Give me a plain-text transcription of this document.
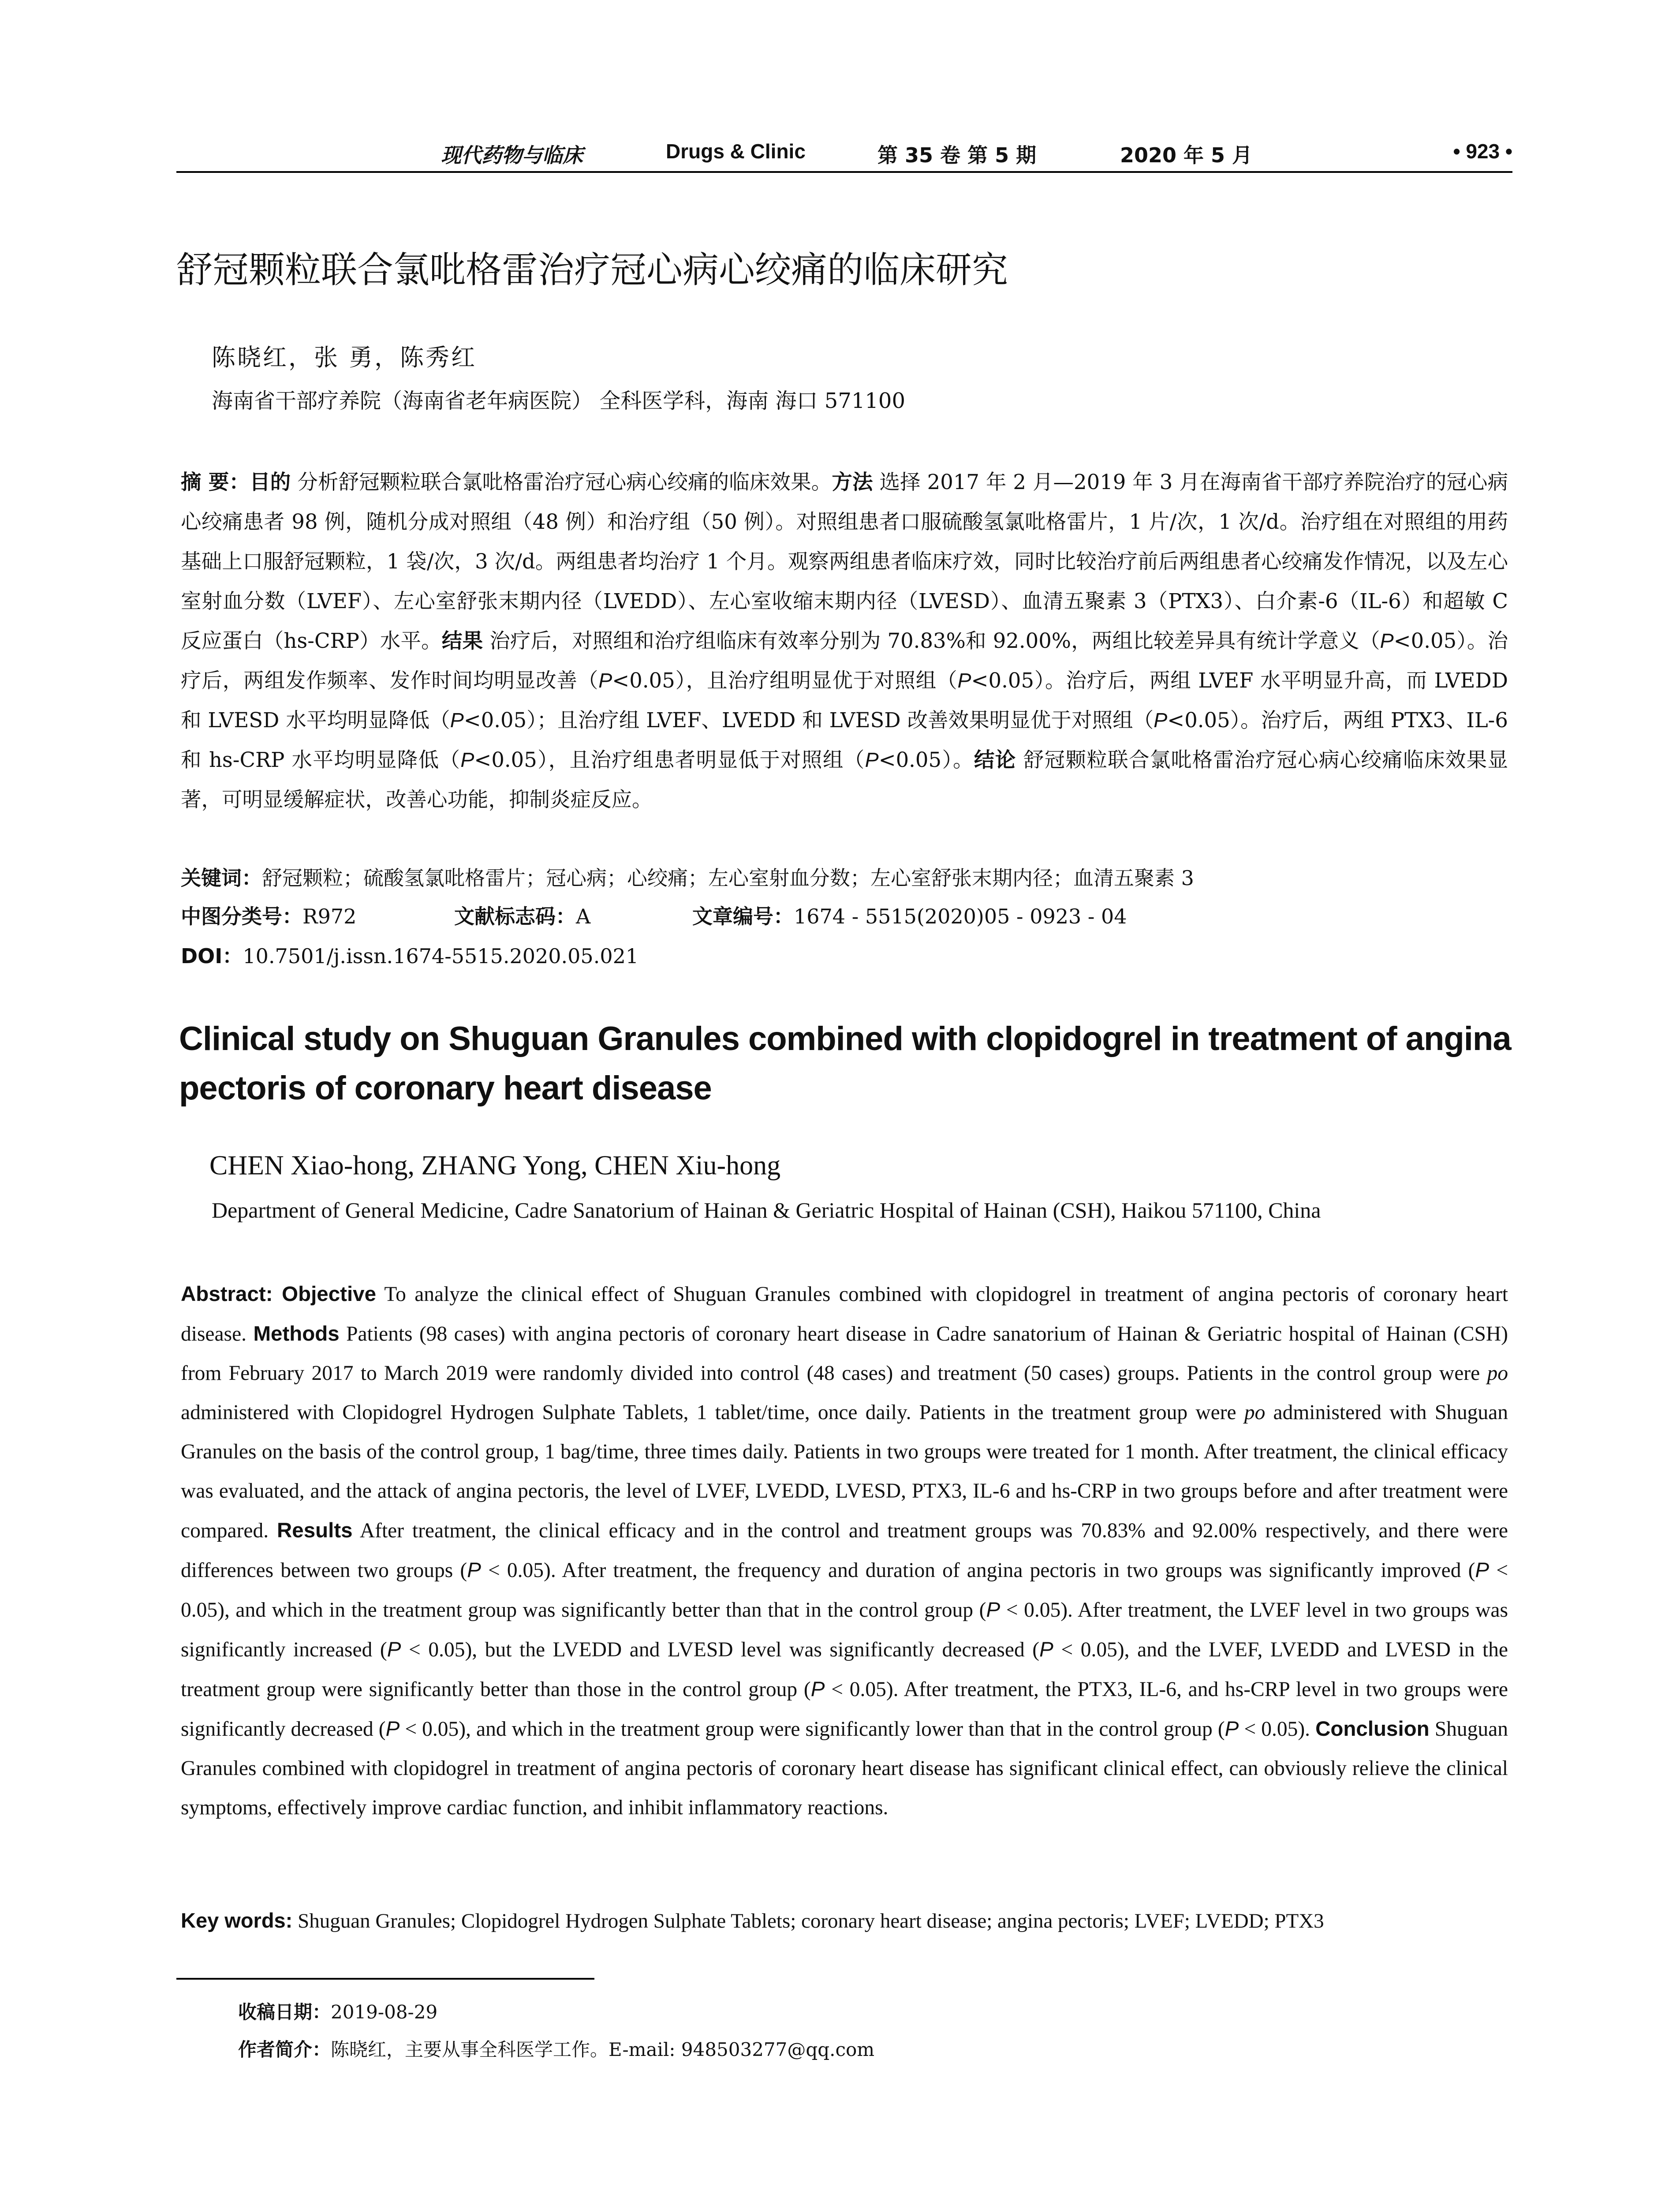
现代药物与临床	Drugs & Clinic	第 35 卷 第 5 期	2020 年 5 月	• 923 •
舒冠颗粒联合氯吡格雷治疗冠心病心绞痛的临床研究
陈晓红，张 勇，陈秀红
海南省干部疗养院（海南省老年病医院） 全科医学科，海南 海口 571100
摘 要：目的 分析舒冠颗粒联合氯吡格雷治疗冠心病心绞痛的临床效果。方法 选择 2017 年 2 月—2019 年 3 月在海南省干部疗养院治疗的冠心病心绞痛患者 98 例，随机分成对照组（48 例）和治疗组（50 例）。对照组患者口服硫酸氢氯吡格雷片，1 片/次，1 次/d。治疗组在对照组的用药基础上口服舒冠颗粒，1 袋/次，3 次/d。两组患者均治疗 1 个月。观察两组患者临床疗效，同时比较治疗前后两组患者心绞痛发作情况，以及左心室射血分数（LVEF）、左心室舒张末期内径（LVEDD）、左心室收缩末期内径（LVESD）、血清五聚素 3（PTX3）、白介素-6（IL-6）和超敏 C 反应蛋白（hs-CRP）水平。结果 治疗后，对照组和治疗组临床有效率分别为 70.83%和 92.00%，两组比较差异具有统计学意义（P<0.05）。治疗后，两组发作频率、发作时间均明显改善（P<0.05），且治疗组明显优于对照组（P<0.05）。治疗后，两组 LVEF 水平明显升高，而 LVEDD 和 LVESD 水平均明显降低（P<0.05）；且治疗组 LVEF、LVEDD 和 LVESD 改善效果明显优于对照组（P<0.05）。治疗后，两组 PTX3、IL-6 和 hs-CRP 水平均明显降低（P<0.05），且治疗组患者明显低于对照组（P<0.05）。结论 舒冠颗粒联合氯吡格雷治疗冠心病心绞痛临床效果显著，可明显缓解症状，改善心功能，抑制炎症反应。
关键词：舒冠颗粒；硫酸氢氯吡格雷片；冠心病；心绞痛；左心室射血分数；左心室舒张末期内径；血清五聚素 3
中图分类号：R972	文献标志码：A	文章编号：1674 - 5515(2020)05 - 0923 - 04
DOI：10.7501/j.issn.1674-5515.2020.05.021
Clinical study on Shuguan Granules combined with clopidogrel in treatment of angina pectoris of coronary heart disease
CHEN Xiao-hong, ZHANG Yong, CHEN Xiu-hong
Department of General Medicine, Cadre Sanatorium of Hainan & Geriatric Hospital of Hainan (CSH), Haikou 571100, China
Abstract: Objective To analyze the clinical effect of Shuguan Granules combined with clopidogrel in treatment of angina pectoris of coronary heart disease. Methods Patients (98 cases) with angina pectoris of coronary heart disease in Cadre sanatorium of Hainan & Geriatric hospital of Hainan (CSH) from February 2017 to March 2019 were randomly divided into control (48 cases) and treatment (50 cases) groups. Patients in the control group were po administered with Clopidogrel Hydrogen Sulphate Tablets, 1 tablet/time, once daily. Patients in the treatment group were po administered with Shuguan Granules on the basis of the control group, 1 bag/time, three times daily. Patients in two groups were treated for 1 month. After treatment, the clinical efficacy was evaluated, and the attack of angina pectoris, the level of LVEF, LVEDD, LVESD, PTX3, IL-6 and hs-CRP in two groups before and after treatment were compared. Results After treatment, the clinical efficacy and in the control and treatment groups was 70.83% and 92.00% respectively, and there were differences between two groups (P < 0.05). After treatment, the frequency and duration of angina pectoris in two groups was significantly improved (P < 0.05), and which in the treatment group was significantly better than that in the control group (P < 0.05). After treatment, the LVEF level in two groups was significantly increased (P < 0.05), but the LVEDD and LVESD level was significantly decreased (P < 0.05), and the LVEF, LVEDD and LVESD in the treatment group were significantly better than those in the control group (P < 0.05). After treatment, the PTX3, IL-6, and hs-CRP level in two groups were significantly decreased (P < 0.05), and which in the treatment group were significantly lower than that in the control group (P < 0.05). Conclusion Shuguan Granules combined with clopidogrel in treatment of angina pectoris of coronary heart disease has significant clinical effect, can obviously relieve the clinical symptoms, effectively improve cardiac function, and inhibit inflammatory reactions.
Key words: Shuguan Granules; Clopidogrel Hydrogen Sulphate Tablets; coronary heart disease; angina pectoris; LVEF; LVEDD; PTX3
收稿日期：2019-08-29
作者简介：陈晓红，主要从事全科医学工作。E-mail: 948503277@qq.com
